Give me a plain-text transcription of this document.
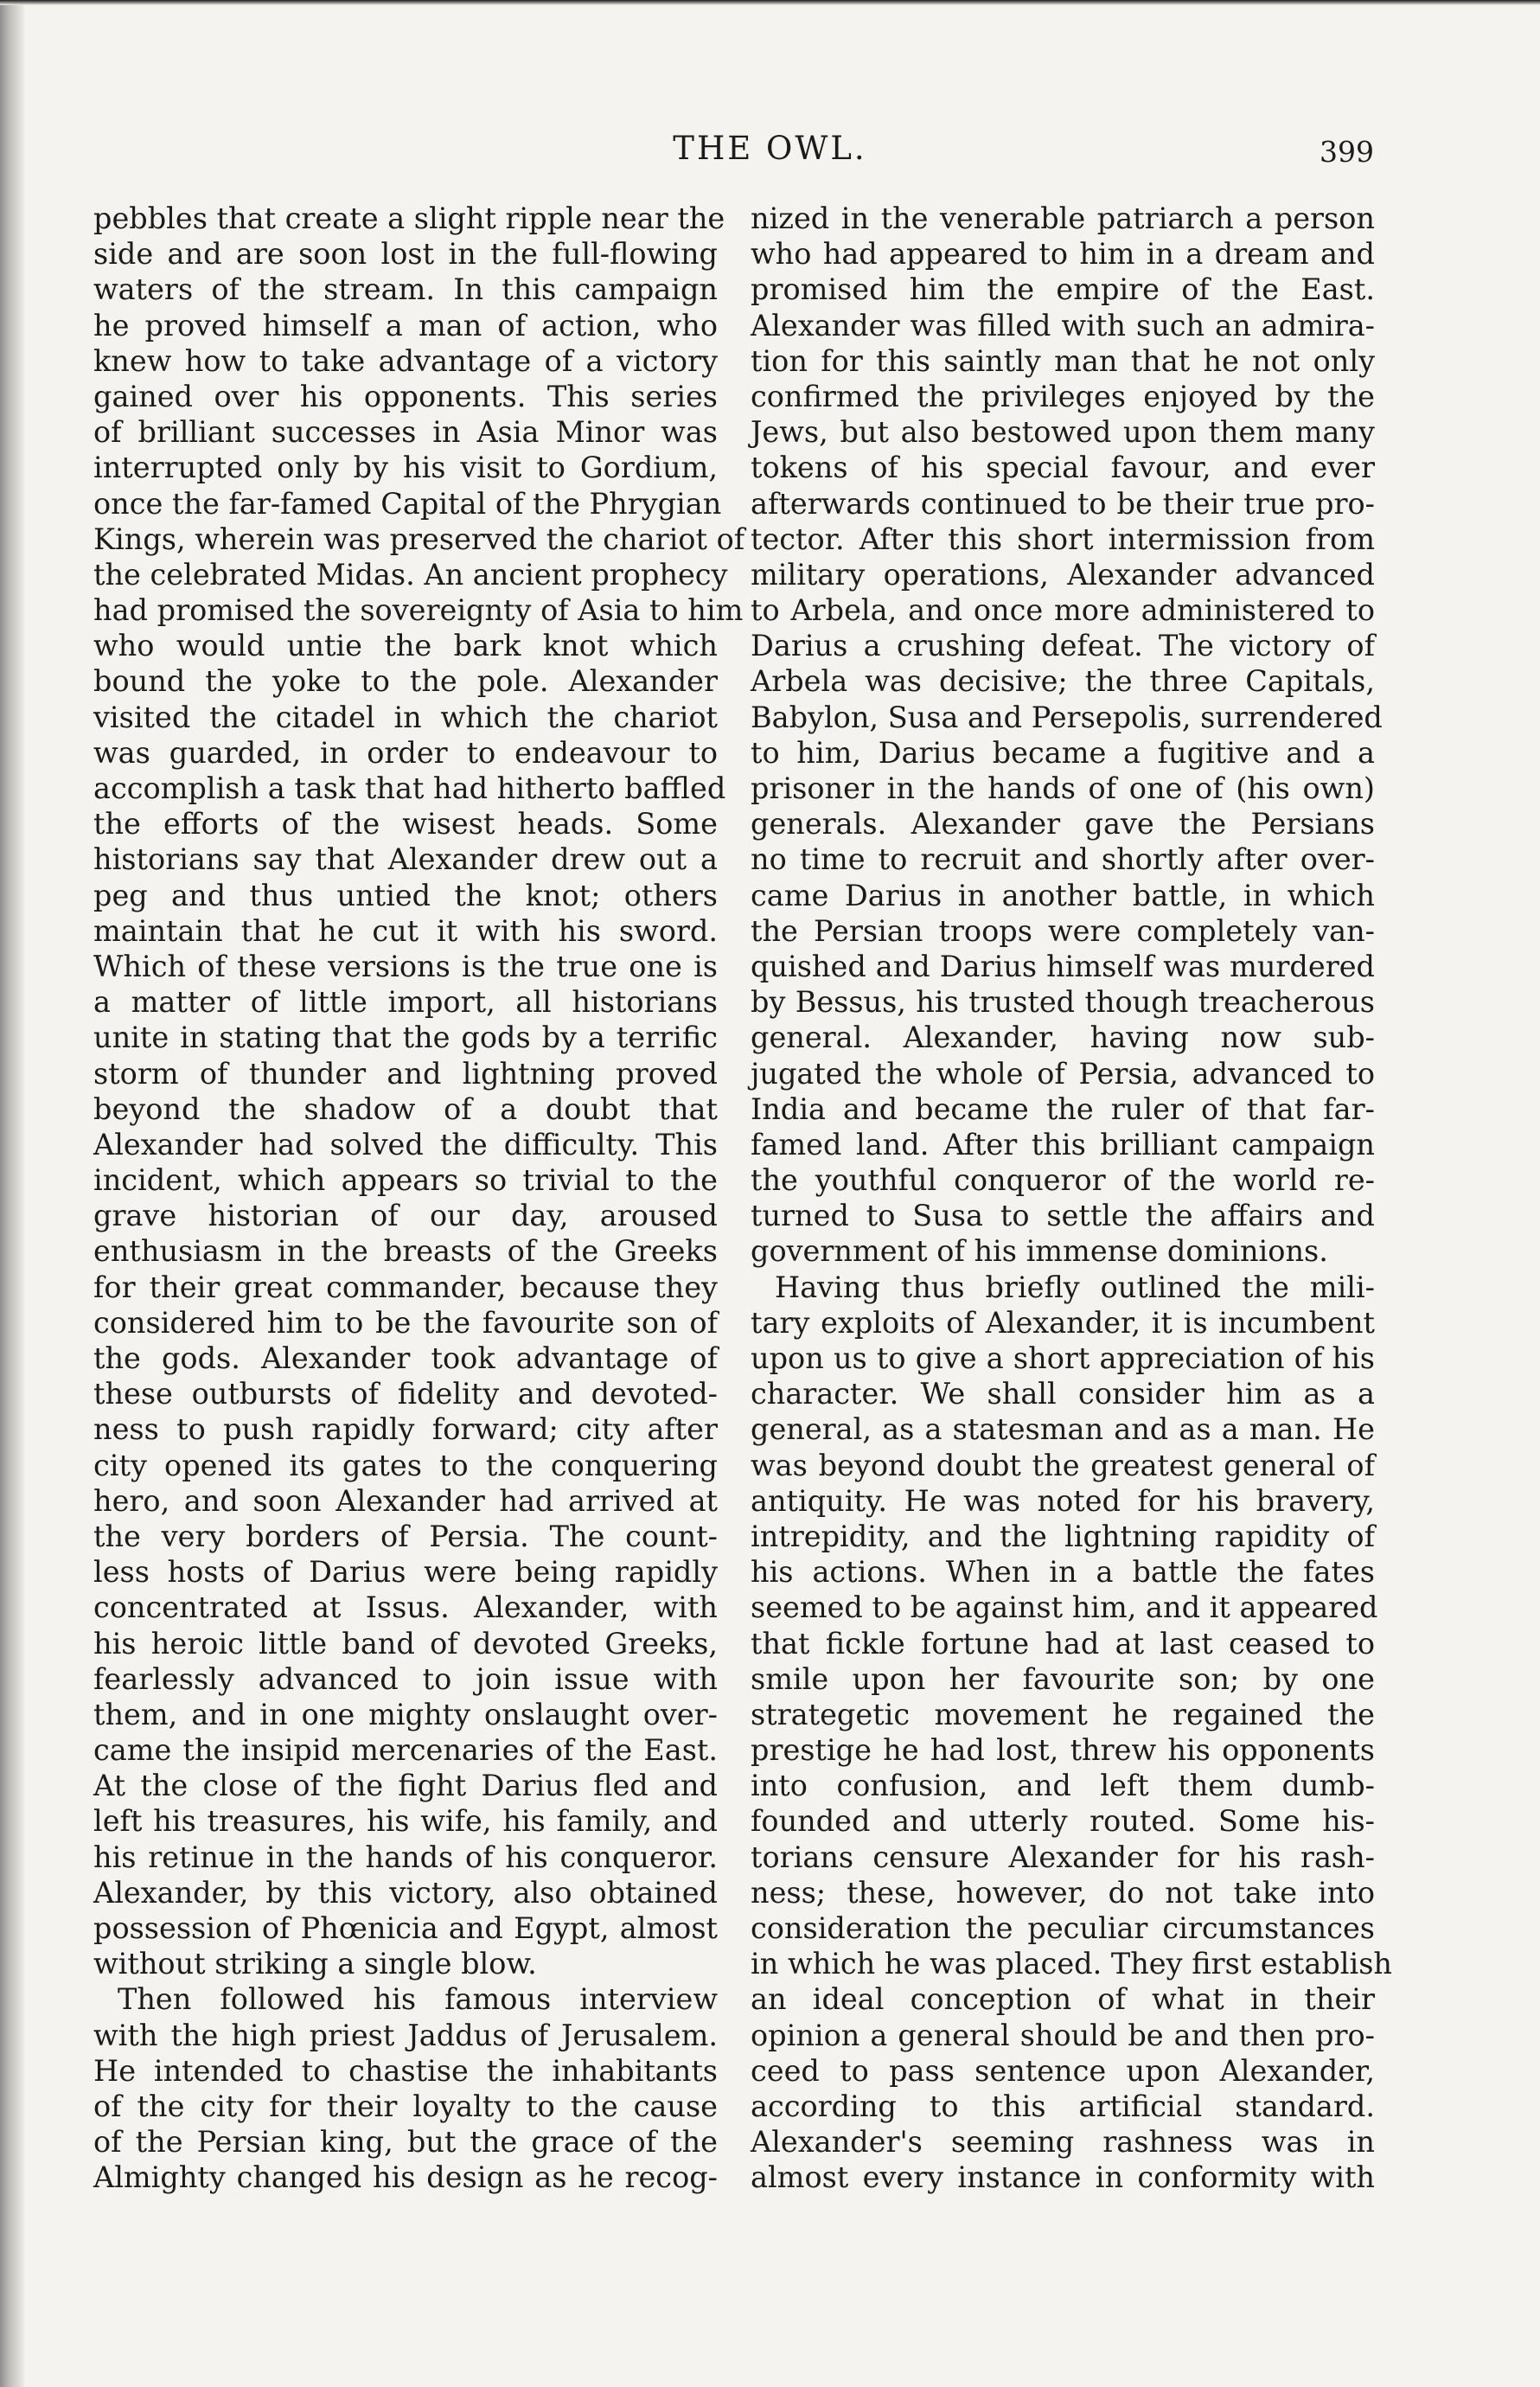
THE OWL.	399
pebbles that create a slight ripple near the
side and are soon lost in the full-flowing
waters of the stream. In this campaign
he proved himself a man of action, who
knew how to take advantage of a victory
gained over his opponents. This series
of brilliant successes in Asia Minor was
interrupted only by his visit to Gordium,
once the far-famed Capital of the Phrygian
Kings, wherein was preserved the chariot of
the celebrated Midas. An ancient prophecy
had promised the sovereignty of Asia to him
who would untie the bark knot which
bound the yoke to the pole. Alexander
visited the citadel in which the chariot
was guarded, in order to endeavour to
accomplish a task that had hitherto baffled
the efforts of the wisest heads. Some
historians say that Alexander drew out a
peg and thus untied the knot; others
maintain that he cut it with his sword.
Which of these versions is the true one is
a matter of little import, all historians
unite in stating that the gods by a terrific
storm of thunder and lightning proved
beyond the shadow of a doubt that
Alexander had solved the difficulty. This
incident, which appears so trivial to the
grave historian of our day, aroused
enthusiasm in the breasts of the Greeks
for their great commander, because they
considered him to be the favourite son of
the gods. Alexander took advantage of
these outbursts of fidelity and devoted-
ness to push rapidly forward; city after
city opened its gates to the conquering
hero, and soon Alexander had arrived at
the very borders of Persia. The count-
less hosts of Darius were being rapidly
concentrated at Issus. Alexander, with
his heroic little band of devoted Greeks,
fearlessly advanced to join issue with
them, and in one mighty onslaught over-
came the insipid mercenaries of the East.
At the close of the fight Darius fled and
left his treasures, his wife, his family, and
his retinue in the hands of his conqueror.
Alexander, by this victory, also obtained
possession of Phœnicia and Egypt, almost
without striking a single blow.
Then followed his famous interview
with the high priest Jaddus of Jerusalem.
He intended to chastise the inhabitants
of the city for their loyalty to the cause
of the Persian king, but the grace of the
Almighty changed his design as he recog-
nized in the venerable patriarch a person
who had appeared to him in a dream and
promised him the empire of the East.
Alexander was filled with such an admira-
tion for this saintly man that he not only
confirmed the privileges enjoyed by the
Jews, but also bestowed upon them many
tokens of his special favour, and ever
afterwards continued to be their true pro-
tector. After this short intermission from
military operations, Alexander advanced
to Arbela, and once more administered to
Darius a crushing defeat. The victory of
Arbela was decisive; the three Capitals,
Babylon, Susa and Persepolis, surrendered
to him, Darius became a fugitive and a
prisoner in the hands of one of (his own)
generals. Alexander gave the Persians
no time to recruit and shortly after over-
came Darius in another battle, in which
the Persian troops were completely van-
quished and Darius himself was murdered
by Bessus, his trusted though treacherous
general. Alexander, having now sub-
jugated the whole of Persia, advanced to
India and became the ruler of that far-
famed land. After this brilliant campaign
the youthful conqueror of the world re-
turned to Susa to settle the affairs and
government of his immense dominions.
Having thus briefly outlined the mili-
tary exploits of Alexander, it is incumbent
upon us to give a short appreciation of his
character. We shall consider him as a
general, as a statesman and as a man. He
was beyond doubt the greatest general of
antiquity. He was noted for his bravery,
intrepidity, and the lightning rapidity of
his actions. When in a battle the fates
seemed to be against him, and it appeared
that fickle fortune had at last ceased to
smile upon her favourite son; by one
strategetic movement he regained the
prestige he had lost, threw his opponents
into confusion, and left them dumb-
founded and utterly routed. Some his-
torians censure Alexander for his rash-
ness; these, however, do not take into
consideration the peculiar circumstances
in which he was placed. They first establish
an ideal conception of what in their
opinion a general should be and then pro-
ceed to pass sentence upon Alexander,
according to this artificial standard.
Alexander's seeming rashness was in
almost every instance in conformity with
